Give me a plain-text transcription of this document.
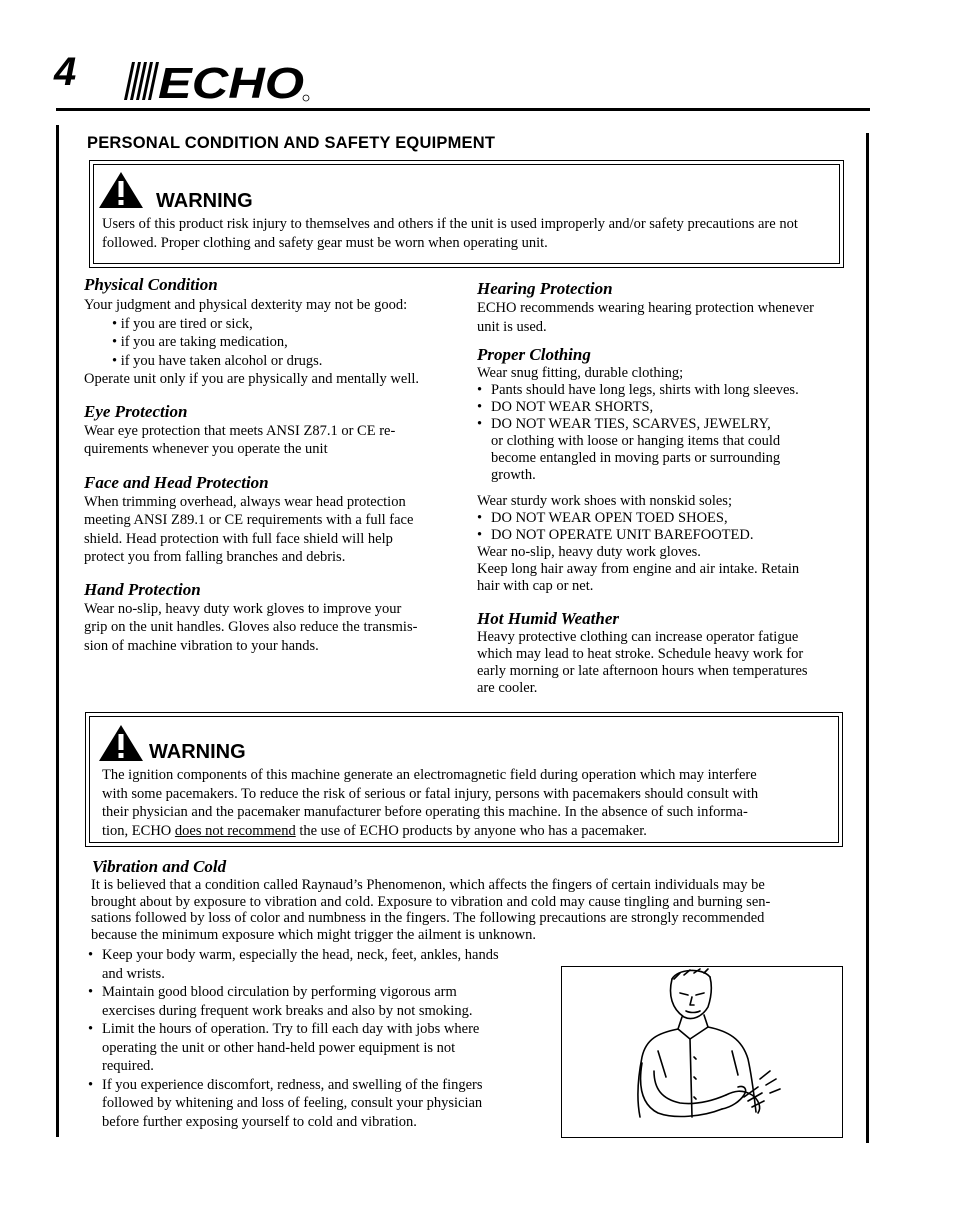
4 ECHO
PERSONAL CONDITION AND SAFETY EQUIPMENT
WARNING
Users of this product risk injury to themselves and others if the unit is used improperly and/or safety precautions are not followed. Proper clothing and safety gear must be worn when operating unit.
Physical Condition
Your judgment and physical dexterity may not be good:
• if you are tired or sick,
• if you are taking medication,
• if you have taken alcohol or drugs.
Operate unit only if you are physically and mentally well.
Eye Protection
Wear eye protection that meets ANSI Z87.1 or CE re-
quirements whenever you operate the unit
Face and Head Protection
When trimming overhead, always wear head protection
meeting ANSI Z89.1 or CE requirements with a full face
shield. Head protection with full face shield will help
protect you from falling branches and debris.
Hand Protection
Wear no-slip, heavy duty work gloves to improve your
grip on the unit handles. Gloves also reduce the transmis-
sion of machine vibration to your hands.
Hearing Protection
ECHO recommends wearing hearing protection whenever
unit is used.
Proper Clothing
Wear snug fitting, durable clothing;
• Pants should have long legs, shirts with long sleeves.
• DO NOT WEAR SHORTS,
• DO NOT WEAR TIES, SCARVES, JEWELRY,
or clothing with loose or hanging items that could
become entangled in moving parts or surrounding
growth.
Wear sturdy work shoes with nonskid soles;
• DO NOT WEAR OPEN TOED SHOES,
• DO NOT OPERATE UNIT BAREFOOTED.
Wear no-slip, heavy duty work gloves.
Keep long hair away from engine and air intake. Retain
hair with cap or net.
Hot Humid Weather
Heavy protective clothing can increase operator fatigue
which may lead to heat stroke. Schedule heavy work for
early morning or late afternoon hours when temperatures
are cooler.
WARNING
The ignition components of this machine generate an electromagnetic field during operation which may interfere
with some pacemakers. To reduce the risk of serious or fatal injury, persons with pacemakers should consult with
their physician and the pacemaker manufacturer before operating this machine. In the absence of such informa-
tion, ECHO does not recommend the use of ECHO products by anyone who has a pacemaker.
Vibration and Cold
It is believed that a condition called Raynaud’s Phenomenon, which affects the fingers of certain individuals may be
brought about by exposure to vibration and cold. Exposure to vibration and cold may cause tingling and burning sen-
sations followed by loss of color and numbness in the fingers. The following precautions are strongly recommended
because the minimum exposure which might trigger the ailment is unknown.
• Keep your body warm, especially the head, neck, feet, ankles, hands
and wrists.
• Maintain good blood circulation by performing vigorous arm
exercises during frequent work breaks and also by not smoking.
• Limit the hours of operation. Try to fill each day with jobs where
operating the unit or other hand-held power equipment is not
required.
• If you experience discomfort, redness, and swelling of the fingers
followed by whitening and loss of feeling, consult your physician
before further exposing yourself to cold and vibration.
